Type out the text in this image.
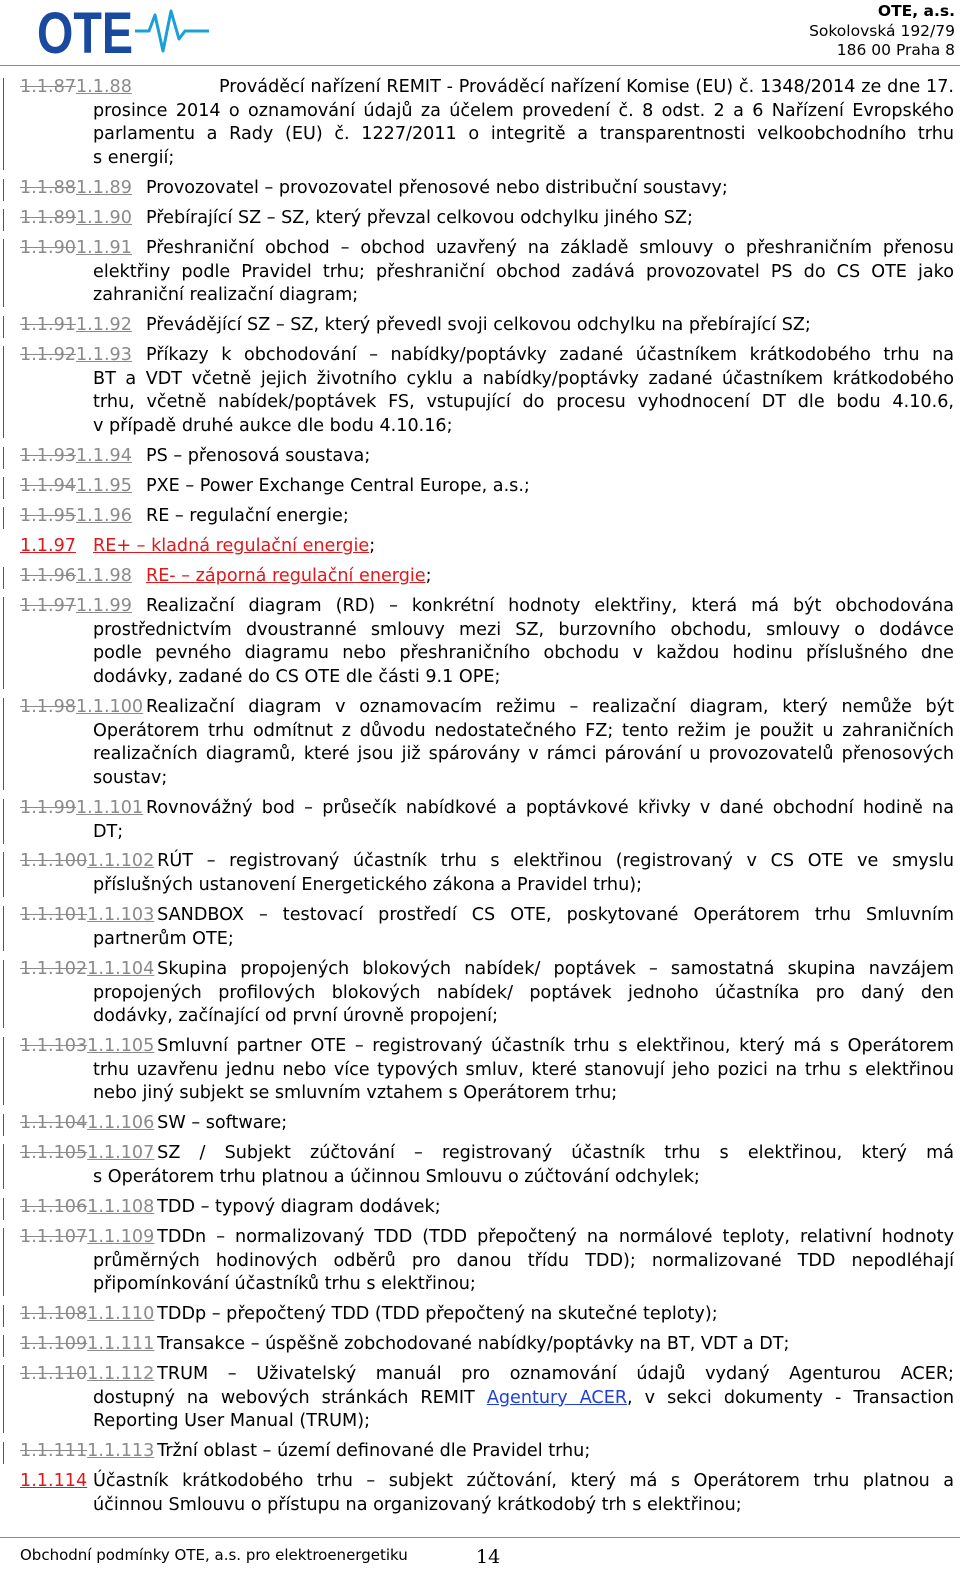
OTE	OTE, a.s.
Sokolovská 192/79
186 00 Praha 8
1.1.871.1.88	Prováděcí nařízení REMIT - Prováděcí nařízení Komise (EU) č. 1348/2014 ze dne 17.
prosince 2014 o oznamování údajů za účelem provedení č. 8 odst. 2 a 6 Nařízení Evropského
parlamentu a Rady (EU) č. 1227/2011 o integritě a transparentnosti velkoobchodního trhu
s energií;
1.1.881.1.89 Provozovatel – provozovatel přenosové nebo distribuční soustavy;
1.1.891.1.90 Přebírající SZ – SZ, který převzal celkovou odchylku jiného SZ;
1.1.901.1.91 Přeshraniční obchod – obchod uzavřený na základě smlouvy o přeshraničním přenosu
elektřiny podle Pravidel trhu; přeshraniční obchod zadává provozovatel PS do CS OTE jako
zahraniční realizační diagram;
1.1.911.1.92 Převádějící SZ – SZ, který převedl svoji celkovou odchylku na přebírající SZ;
1.1.921.1.93 Příkazy k obchodování – nabídky/poptávky zadané účastníkem krátkodobého trhu na
BT a VDT včetně jejich životního cyklu a nabídky/poptávky zadané účastníkem krátkodobého
trhu, včetně nabídek/poptávek FS, vstupující do procesu vyhodnocení DT dle bodu 4.10.6,
v případě druhé aukce dle bodu 4.10.16;
1.1.931.1.94 PS – přenosová soustava;
1.1.941.1.95 PXE – Power Exchange Central Europe, a.s.;
1.1.951.1.96 RE – regulační energie;
1.1.97 RE+ – kladná regulační energie;
1.1.961.1.98 RE- – záporná regulační energie;
1.1.971.1.99 Realizační diagram (RD) – konkrétní hodnoty elektřiny, která má být obchodována
prostřednictvím dvoustranné smlouvy mezi SZ, burzovního obchodu, smlouvy o dodávce
podle pevného diagramu nebo přeshraničního obchodu v každou hodinu příslušného dne
dodávky, zadané do CS OTE dle části 9.1 OPE;
1.1.981.1.100 Realizační diagram v oznamovacím režimu – realizační diagram, který nemůže být
Operátorem trhu odmítnut z důvodu nedostatečného FZ; tento režim je použit u zahraničních
realizačních diagramů, které jsou již spárovány v rámci párování u provozovatelů přenosových
soustav;
1.1.991.1.101 Rovnovážný bod – průsečík nabídkové a poptávkové křivky v dané obchodní hodině na
DT;
1.1.1001.1.102 RÚT – registrovaný účastník trhu s elektřinou (registrovaný v CS OTE ve smyslu
příslušných ustanovení Energetického zákona a Pravidel trhu);
1.1.1011.1.103 SANDBOX – testovací prostředí CS OTE, poskytované Operátorem trhu Smluvním
partnerům OTE;
1.1.1021.1.104 Skupina propojených blokových nabídek/ poptávek – samostatná skupina navzájem
propojených profilových blokových nabídek/ poptávek jednoho účastníka pro daný den
dodávky, začínající od první úrovně propojení;
1.1.1031.1.105 Smluvní partner OTE – registrovaný účastník trhu s elektřinou, který má s Operátorem
trhu uzavřenu jednu nebo více typových smluv, které stanovují jeho pozici na trhu s elektřinou
nebo jiný subjekt se smluvním vztahem s Operátorem trhu;
1.1.1041.1.106 SW – software;
1.1.1051.1.107 SZ / Subjekt zúčtování – registrovaný účastník trhu s elektřinou, který má
s Operátorem trhu platnou a účinnou Smlouvu o zúčtování odchylek;
1.1.1061.1.108 TDD – typový diagram dodávek;
1.1.1071.1.109 TDDn – normalizovaný TDD (TDD přepočtený na normálové teploty, relativní hodnoty
průměrných hodinových odběrů pro danou třídu TDD); normalizované TDD nepodléhají
připomínkování účastníků trhu s elektřinou;
1.1.1081.1.110 TDDp – přepočtený TDD (TDD přepočtený na skutečné teploty);
1.1.1091.1.111 Transakce – úspěšně zobchodované nabídky/poptávky na BT, VDT a DT;
1.1.1101.1.112 TRUM – Uživatelský manuál pro oznamování údajů vydaný Agenturou ACER;
dostupný na webových stránkách REMIT Agentury ACER, v sekci dokumenty - Transaction
Reporting User Manual (TRUM);
1.1.1111.1.113 Tržní oblast – území definované dle Pravidel trhu;
1.1.114 Účastník krátkodobého trhu – subjekt zúčtování, který má s Operátorem trhu platnou a
účinnou Smlouvu o přístupu na organizovaný krátkodobý trh s elektřinou;
Obchodní podmínky OTE, a.s. pro elektroenergetiku	14
